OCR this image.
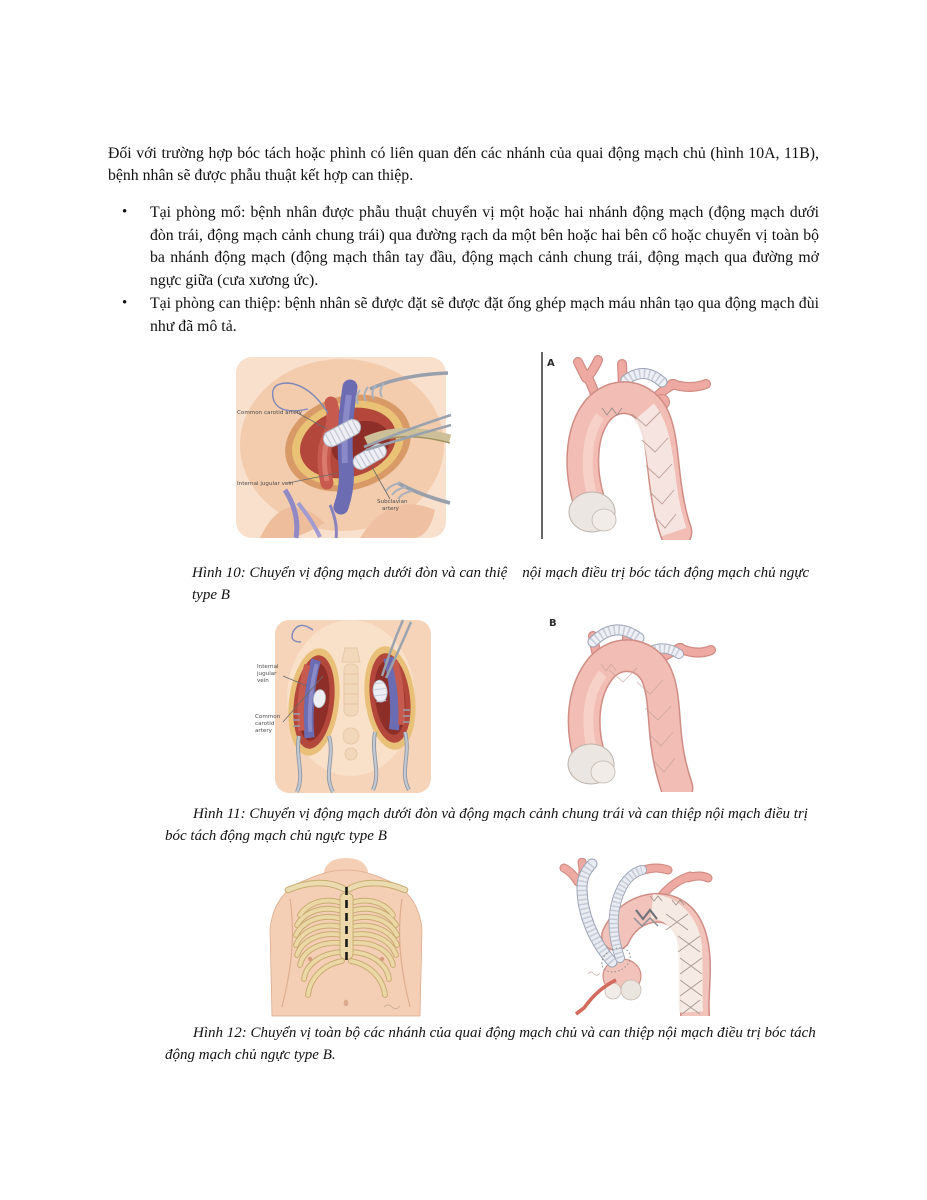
Đối với trường hợp bóc tách hoặc phình có liên quan đến các nhánh của quai động mạch chủ (hình 10A, 11B), bệnh nhân sẽ được phẫu thuật kết hợp can thiệp.

• Tại phòng mổ: bệnh nhân được phẫu thuật chuyển vị một hoặc hai nhánh động mạch (động mạch dưới đòn trái, động mạch cảnh chung trái) qua đường rạch da một bên hoặc hai bên cổ hoặc chuyển vị toàn bộ ba nhánh động mạch (động mạch thân tay đầu, động mạch cảnh chung trái, động mạch qua đường mở ngực giữa (cưa xương ức).
• Tại phòng can thiệp: bệnh nhân sẽ được đặt sẽ được đặt ống ghép mạch máu nhân tạo qua động mạch đùi như đã mô tả.
Common carotid artery
Internal jugular vein
Subclavian
artery
A

Hình 10: Chuyển vị động mạch dưới đòn và can thiệ    nội mạch điều trị bóc tách động mạch chủ ngực type B

Internal
jugular
vein
Common
carotid
artery
B

Hình 11: Chuyển vị động mạch dưới đòn và động mạch cảnh chung trái và can thiệp nội mạch điều trị bóc tách động mạch chủ ngực type B

Hình 12: Chuyển vị toàn bộ các nhánh của quai động mạch chủ và can thiệp nội mạch điều trị bóc tách động mạch chủ ngực type B.
